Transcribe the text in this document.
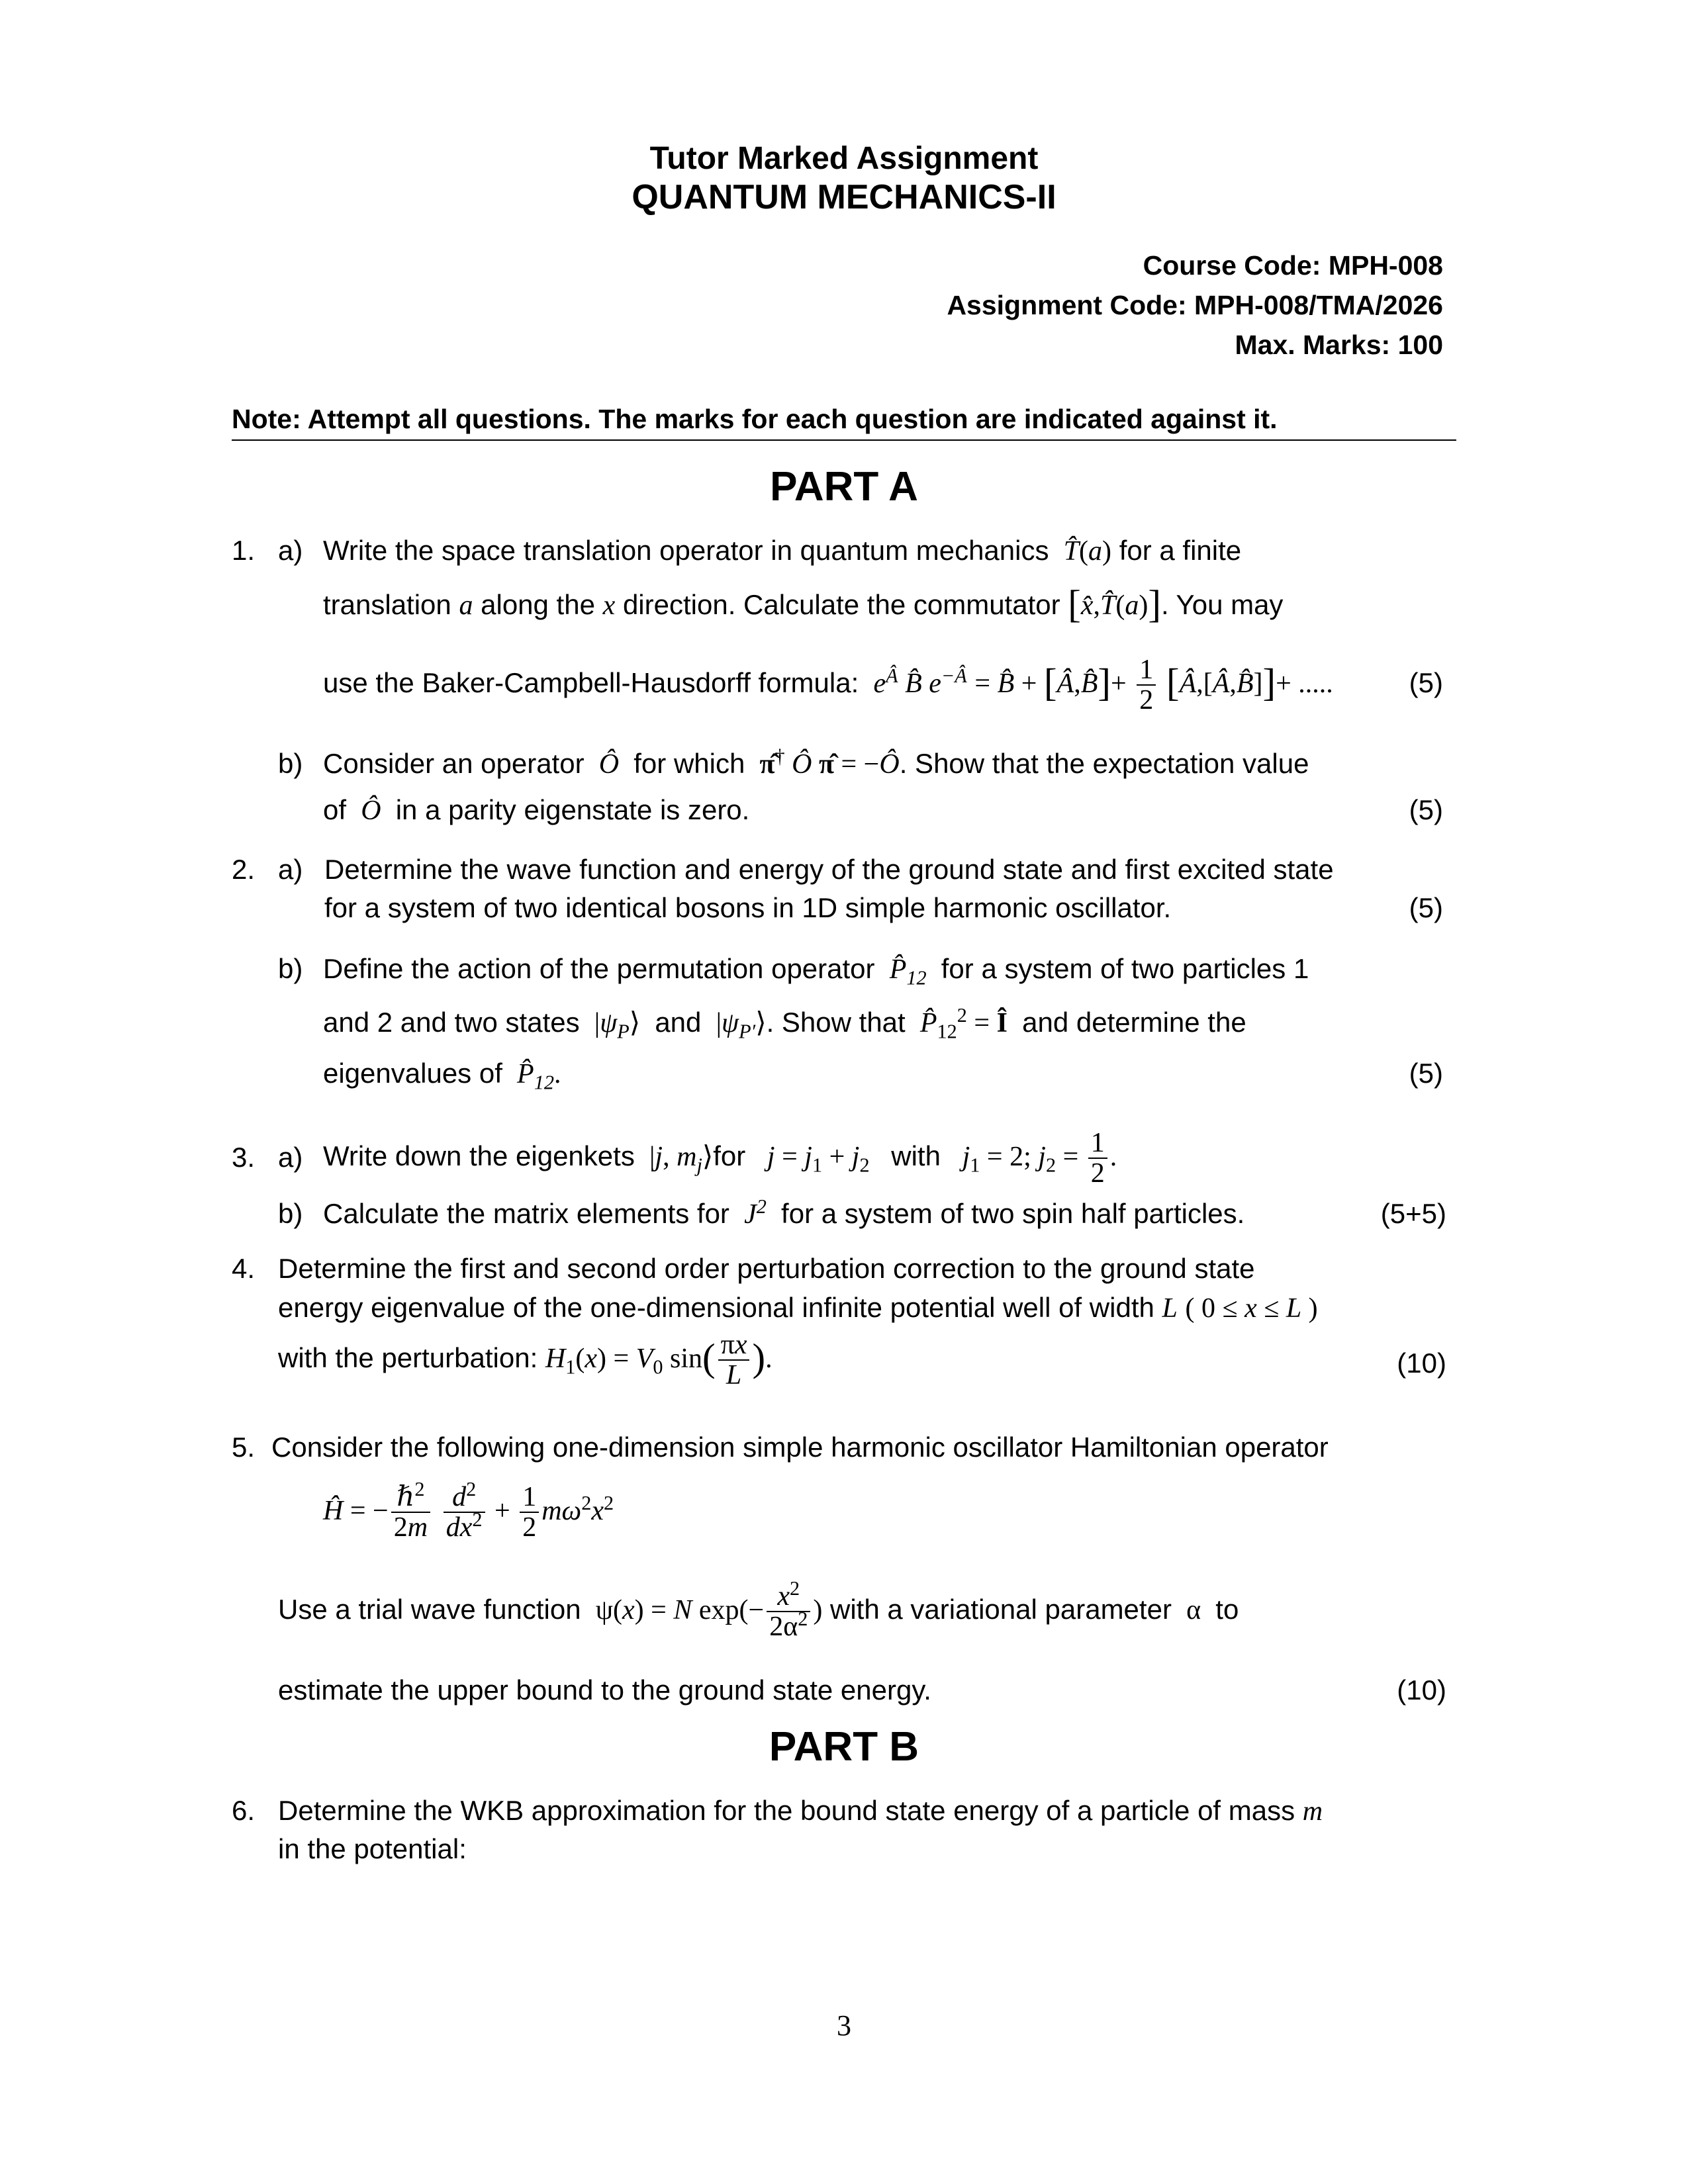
Tutor Marked Assignment
QUANTUM MECHANICS-II
Course Code: MPH-008
Assignment Code: MPH-008/TMA/2026
Max. Marks: 100
Note: Attempt all questions. The marks for each question are indicated against it.
PART A
1. a) Write the space translation operator in quantum mechanics  T̂(a) for a finite
translation a along the x direction. Calculate the commutator [x̂,T̂(a)]. You may
use the Baker-Campbell-Hausdorff formula:  $e^{Â}$ B̂ $e^{-Â}$ = B̂ + [Â,B̂]+ $\frac{1}{2}$ [Â,[Â,B̂]]+ .....	(5)
b) Consider an operator  Ô  for which  π̂† Ô π̂ = −Ô. Show that the expectation value
of  Ô  in a parity eigenstate is zero.	(5)
2. a) Determine the wave function and energy of the ground state and first excited state
for a system of two identical bosons in 1D simple harmonic oscillator.	(5)
b) Define the action of the permutation operator  $P̂_{12}$ for a system of two particles 1
and 2 and two states  $|\psi_P⟩$  and  $|\psi_{P'}⟩$. Show that $P̂_{12}^2$ = Î and determine the
eigenvalues of  $P̂_{12}$.	(5)
3. a) Write down the eigenkets  |j, $m_j⟩for$ $j = j_1 + j_2$ with $j_1 = 2$; $j_2 = \frac{1}{2}$ .
b) Calculate the matrix elements for  $J^2$ for a system of two spin half particles.	(5+5)
4. Determine the first and second order perturbation correction to the ground state
energy eigenvalue of the one-dimensional infinite potential well of width L ( 0 ≤ x ≤ L )
with the perturbation: $H_1(x) = V_0$ $\sin( \frac{\pi x}{L}$ ).	(10)
5. Consider the following one-dimension simple harmonic oscillator Hamiltonian operator
Ĥ = − $\frac{\hbar^2}{2m}$
$\frac{d^2}{dx^2} + \frac{1}{2} m\omega^2x^2$
Use a trial wave function  ψ(x) = N $\exp(- \frac{x^2}{2\alpha^2}$ ) with a variational parameter  α  to
estimate the upper bound to the ground state energy.	(10)
PART B
6. Determine the WKB approximation for the bound state energy of a particle of mass m
in the potential:
3
